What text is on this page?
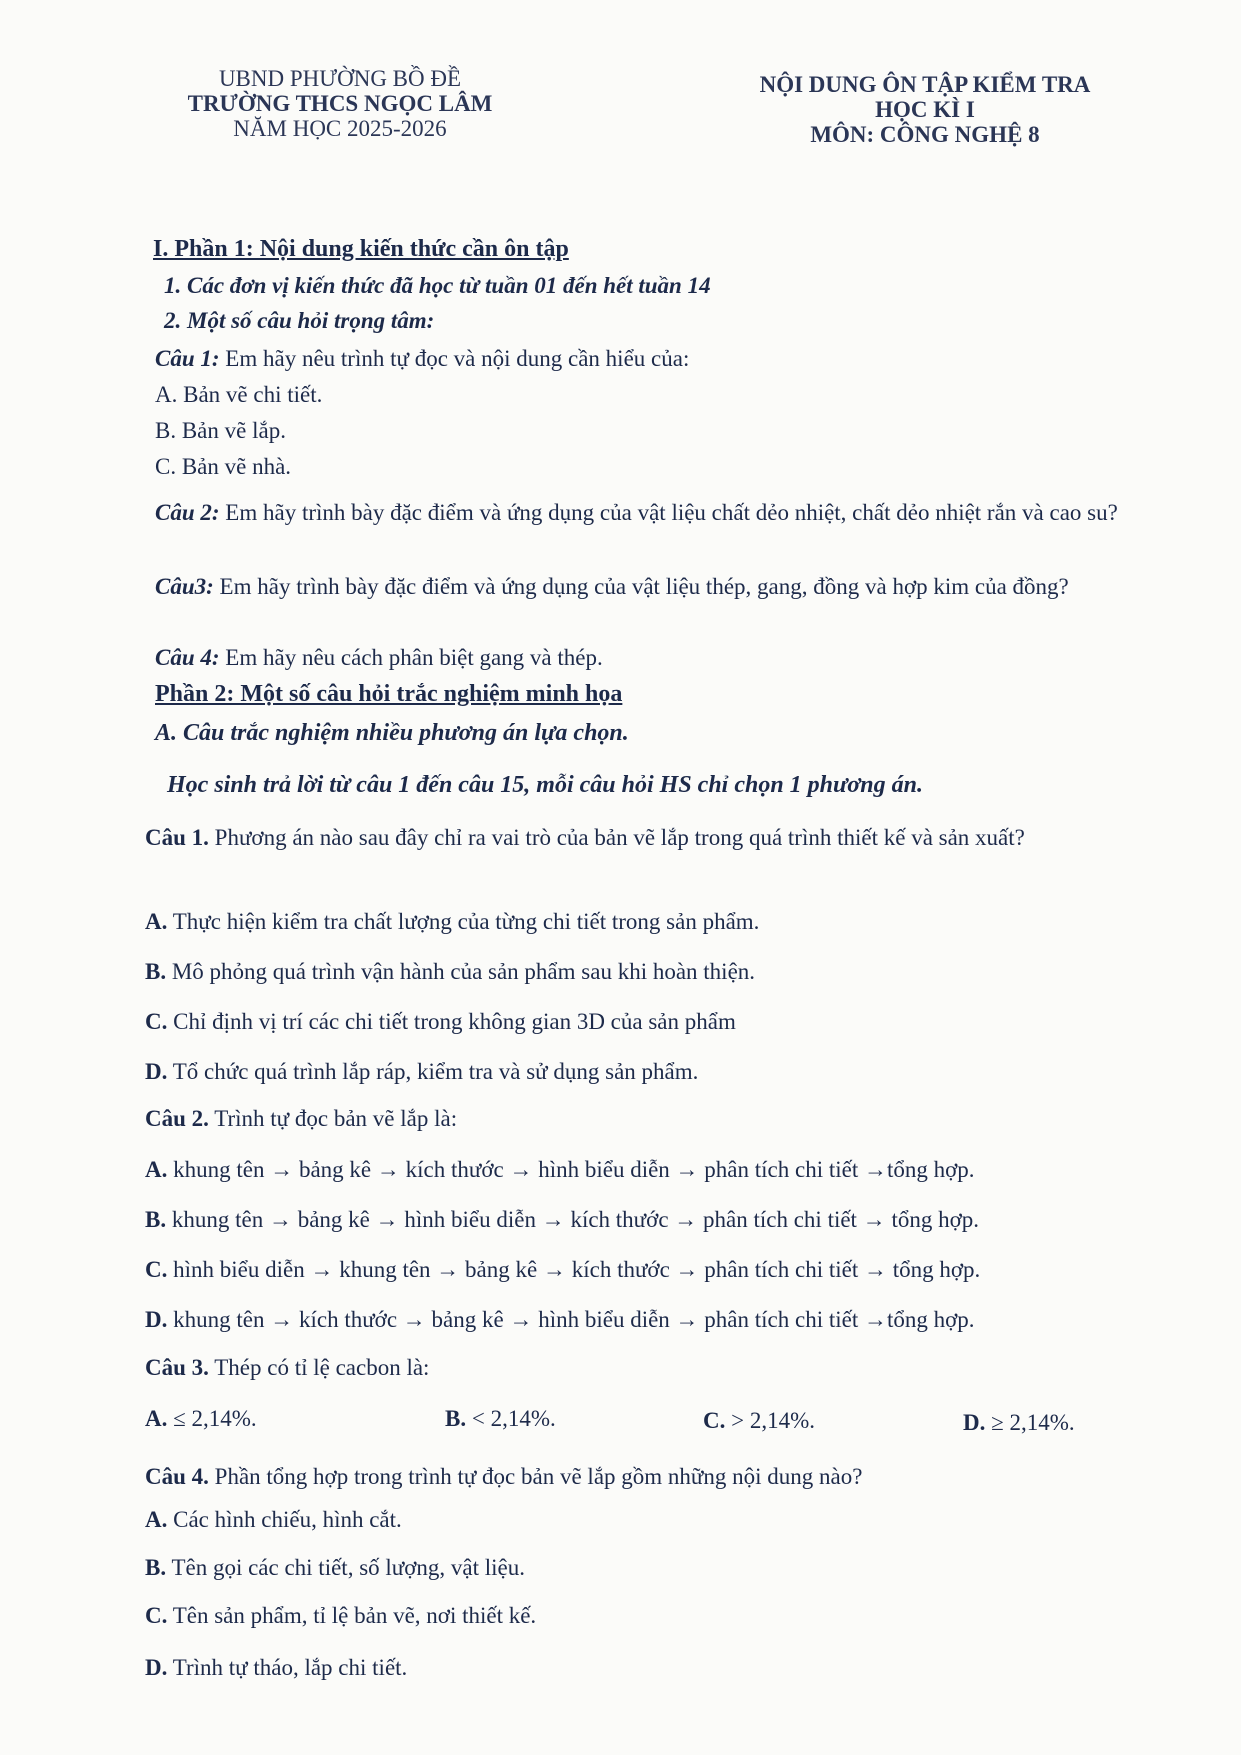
UBND PHƯỜNG BỒ ĐỀ
TRƯỜNG THCS NGỌC LÂM
NĂM HỌC 2025-2026
NỘI DUNG ÔN TẬP KIỂM TRA
HỌC KÌ I
MÔN: CÔNG NGHỆ 8
I. Phần 1: Nội dung kiến thức cần ôn tập
1. Các đơn vị kiến thức đã học từ tuần 01 đến hết tuần 14
2. Một số câu hỏi trọng tâm:
Câu 1: Em hãy nêu trình tự đọc và nội dung cần hiểu của:
A. Bản vẽ chi tiết.
B. Bản vẽ lắp.
C. Bản vẽ nhà.
Câu 2: Em hãy trình bày đặc điểm và ứng dụng của vật liệu chất dẻo nhiệt, chất dẻo nhiệt rắn và cao su?
Câu3: Em hãy trình bày đặc điểm và ứng dụng của vật liệu thép, gang, đồng và hợp kim của đồng?
Câu 4: Em hãy nêu cách phân biệt gang và thép.
Phần 2: Một số câu hỏi trắc nghiệm minh họa
A. Câu trắc nghiệm nhiều phương án lựa chọn.
Học sinh trả lời từ câu 1 đến câu 15, mỗi câu hỏi HS chỉ chọn 1 phương án.
Câu 1. Phương án nào sau đây chỉ ra vai trò của bản vẽ lắp trong quá trình thiết kế và sản xuất?
A. Thực hiện kiểm tra chất lượng của từng chi tiết trong sản phẩm.
B. Mô phỏng quá trình vận hành của sản phẩm sau khi hoàn thiện.
C. Chỉ định vị trí các chi tiết trong không gian 3D của sản phẩm
D. Tổ chức quá trình lắp ráp, kiểm tra và sử dụng sản phẩm.
Câu 2. Trình tự đọc bản vẽ lắp là:
A. khung tên → bảng kê → kích thước → hình biểu diễn → phân tích chi tiết →tổng hợp.
B. khung tên → bảng kê → hình biểu diễn → kích thước → phân tích chi tiết → tổng hợp.
C. hình biểu diễn → khung tên → bảng kê → kích thước → phân tích chi tiết → tổng hợp.
D. khung tên → kích thước → bảng kê → hình biểu diễn → phân tích chi tiết →tổng hợp.
Câu 3. Thép có tỉ lệ cacbon là:
A. ≤ 2,14%.	B. < 2,14%.	C. > 2,14%.	D. ≥ 2,14%.
Câu 4. Phần tổng hợp trong trình tự đọc bản vẽ lắp gồm những nội dung nào?
A. Các hình chiếu, hình cắt.
B. Tên gọi các chi tiết, số lượng, vật liệu.
C. Tên sản phẩm, tỉ lệ bản vẽ, nơi thiết kế.
D. Trình tự tháo, lắp chi tiết.
